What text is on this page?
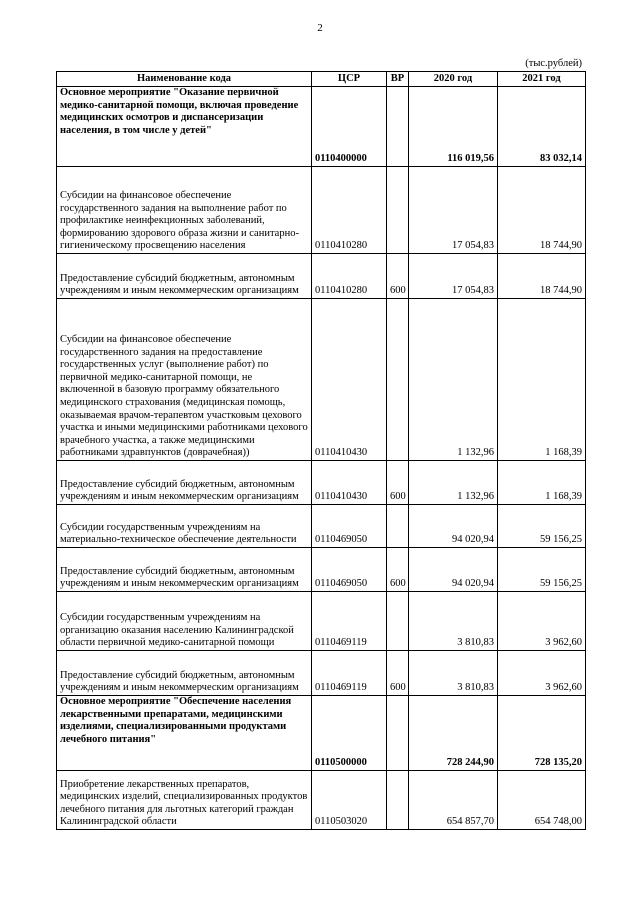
2
(тыс.рублей)
Наименование кода	ЦСР	ВР	2020 год	2021 год
Основное мероприятие "Оказание первичной медико-санитарной помощи, включая проведение медицинских осмотров и диспансеризации населения, в том числе у детей"	0110400000		116 019,56	83 032,14
Субсидии на финансовое обеспечение государственного задания на выполнение работ по профилактике неинфекционных заболеваний, формированию здорового образа жизни и санитарно-гигиеническому просвещению населения	0110410280		17 054,83	18 744,90
Предоставление субсидий бюджетным, автономным учреждениям и иным некоммерческим организациям	0110410280	600	17 054,83	18 744,90
Субсидии на финансовое обеспечение государственного задания на предоставление государственных услуг (выполнение работ) по первичной медико-санитарной помощи, не включенной в базовую программу обязательного медицинского страхования (медицинская помощь, оказываемая врачом-терапевтом участковым цехового участка и иными медицинскими работниками цехового врачебного участка, а также медицинскими работниками здравпунктов (доврачебная))	0110410430		1 132,96	1 168,39
Предоставление субсидий бюджетным, автономным учреждениям и иным некоммерческим организациям	0110410430	600	1 132,96	1 168,39
Субсидии государственным учреждениям на материально-техническое обеспечение деятельности	0110469050		94 020,94	59 156,25
Предоставление субсидий бюджетным, автономным учреждениям и иным некоммерческим организациям	0110469050	600	94 020,94	59 156,25
Субсидии государственным учреждениям на организацию оказания населению Калининградской области первичной медико-санитарной помощи	0110469119		3 810,83	3 962,60
Предоставление субсидий бюджетным, автономным учреждениям и иным некоммерческим организациям	0110469119	600	3 810,83	3 962,60
Основное мероприятие "Обеспечение населения лекарственными препаратами, медицинскими изделиями, специализированными продуктами лечебного питания"	0110500000		728 244,90	728 135,20
Приобретение лекарственных препаратов, медицинских изделий, специализированных продуктов лечебного питания для льготных категорий граждан Калининградской области	0110503020		654 857,70	654 748,00
